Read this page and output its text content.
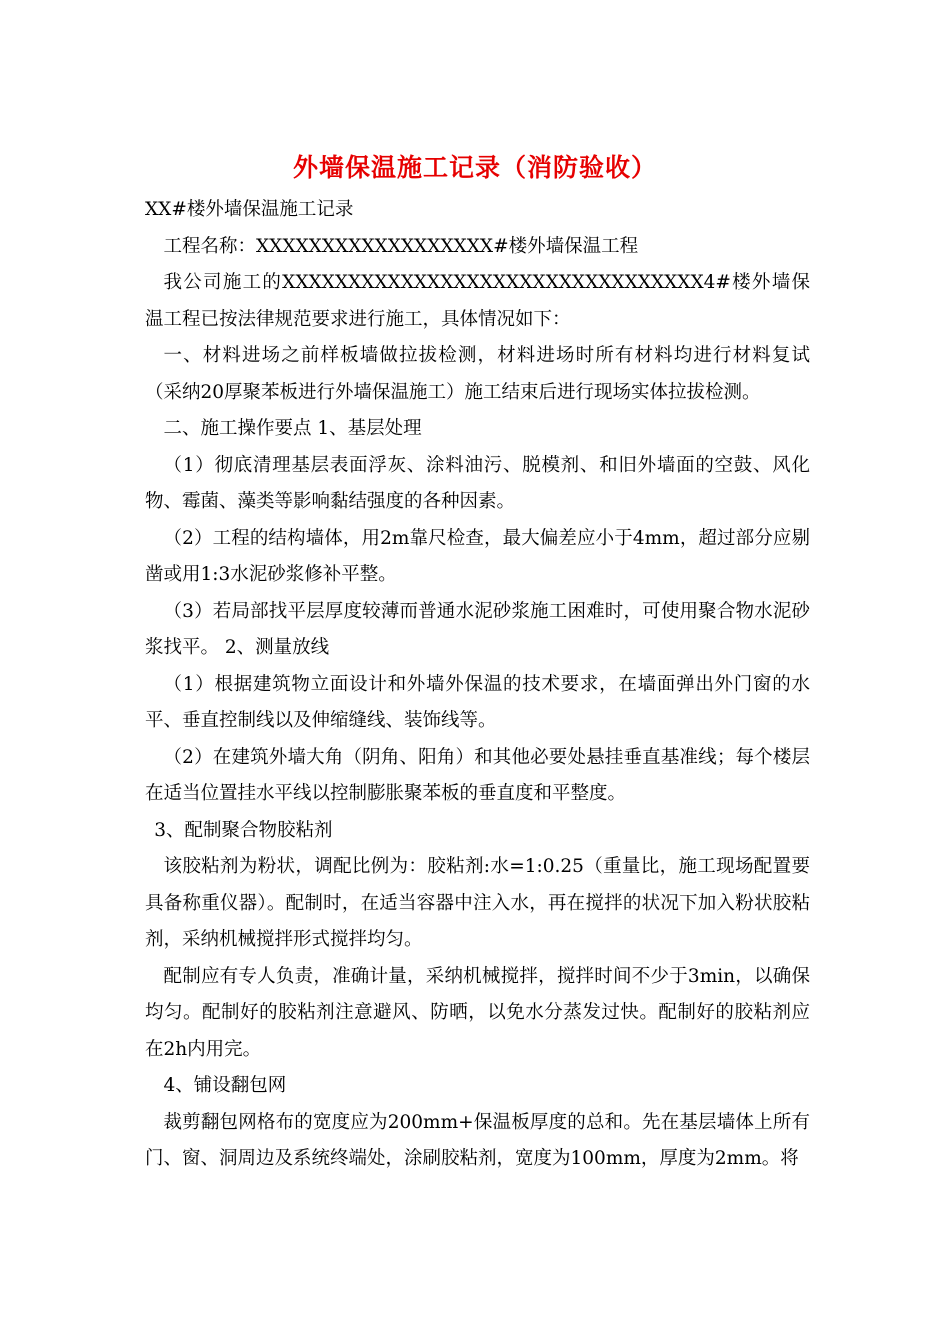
外墙保温施工记录（消防验收）

XX#楼外墙保温施工记录

工程名称：XXXXXXXXXXXXXXXXXX#楼外墙保温工程

我公司施工的XXXXXXXXXXXXXXXXXXXXXXXXXXXXXXXX4#楼外墙保温工程已按法律规范要求进行施工，具体情况如下：

一、材料进场之前样板墙做拉拔检测，材料进场时所有材料均进行材料复试（采纳20厚聚苯板进行外墙保温施工）施工结束后进行现场实体拉拔检测。

二、施工操作要点 1、基层处理

（1）彻底清理基层表面浮灰、涂料油污、脱模剂、和旧外墙面的空鼓、风化物、霉菌、藻类等影响黏结强度的各种因素。

（2）工程的结构墙体，用2m靠尺检查，最大偏差应小于4mm，超过部分应剔凿或用1:3水泥砂浆修补平整。

（3）若局部找平层厚度较薄而普通水泥砂浆施工困难时，可使用聚合物水泥砂浆找平。 2、测量放线

（1）根据建筑物立面设计和外墙外保温的技术要求，在墙面弹出外门窗的水平、垂直控制线以及伸缩缝线、装饰线等。

（2）在建筑外墙大角（阴角、阳角）和其他必要处悬挂垂直基准线；每个楼层在适当位置挂水平线以控制膨胀聚苯板的垂直度和平整度。

3、配制聚合物胶粘剂

该胶粘剂为粉状，调配比例为：胶粘剂:水=1:0.25（重量比，施工现场配置要具备称重仪器）。配制时，在适当容器中注入水，再在搅拌的状况下加入粉状胶粘剂，采纳机械搅拌形式搅拌均匀。

配制应有专人负责，准确计量，采纳机械搅拌，搅拌时间不少于3min，以确保均匀。配制好的胶粘剂注意避风、防晒，以免水分蒸发过快。配制好的胶粘剂应在2h内用完。

4、铺设翻包网

裁剪翻包网格布的宽度应为200mm+保温板厚度的总和。先在基层墙体上所有门、窗、洞周边及系统终端处，涂刷胶粘剂，宽度为100mm，厚度为2mm。将
